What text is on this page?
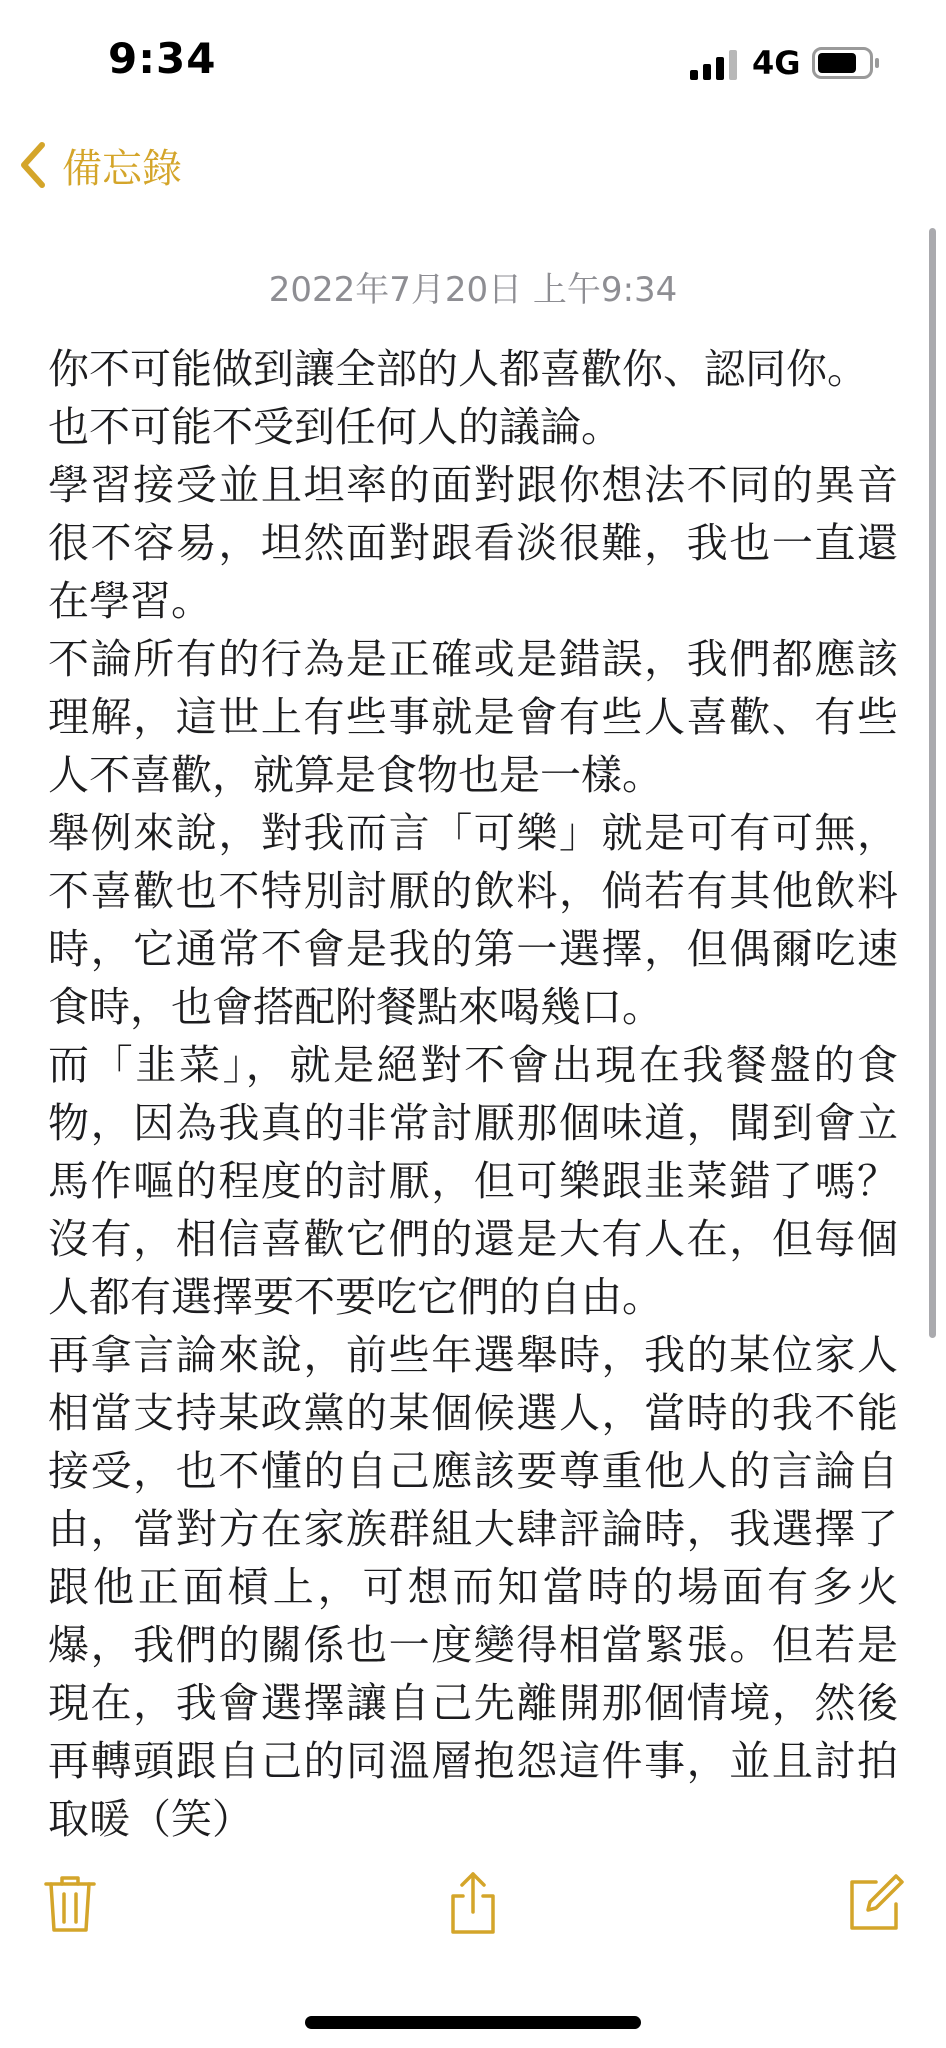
9:34	4G
備忘錄
2022年7月20日 上午9:34

你不可能做到讓全部的人都喜歡你、認同你。

也不可能不受到任何人的議論。

學習接受並且坦率的面對跟你想法不同的異音很不容易，坦然面對跟看淡很難，我也一直還在學習。

不論所有的行為是正確或是錯誤，我們都應該理解，這世上有些事就是會有些人喜歡、有些人不喜歡，就算是食物也是一樣。

舉例來說，對我而言「可樂」就是可有可無，不喜歡也不特別討厭的飲料，倘若有其他飲料時，它通常不會是我的第一選擇，但偶爾吃速食時，也會搭配附餐點來喝幾口。

而「韭菜」，就是絕對不會出現在我餐盤的食物，因為我真的非常討厭那個味道，聞到會立馬作嘔的程度的討厭，但可樂跟韭菜錯了嗎？沒有，相信喜歡它們的還是大有人在，但每個人都有選擇要不要吃它們的自由。

再拿言論來說，前些年選舉時，我的某位家人相當支持某政黨的某個候選人，當時的我不能接受，也不懂的自己應該要尊重他人的言論自由，當對方在家族群組大肆評論時，我選擇了跟他正面槓上，可想而知當時的場面有多火爆，我們的關係也一度變得相當緊張。但若是現在，我會選擇讓自己先離開那個情境，然後再轉頭跟自己的同溫層抱怨這件事，並且討拍取暖（笑）
